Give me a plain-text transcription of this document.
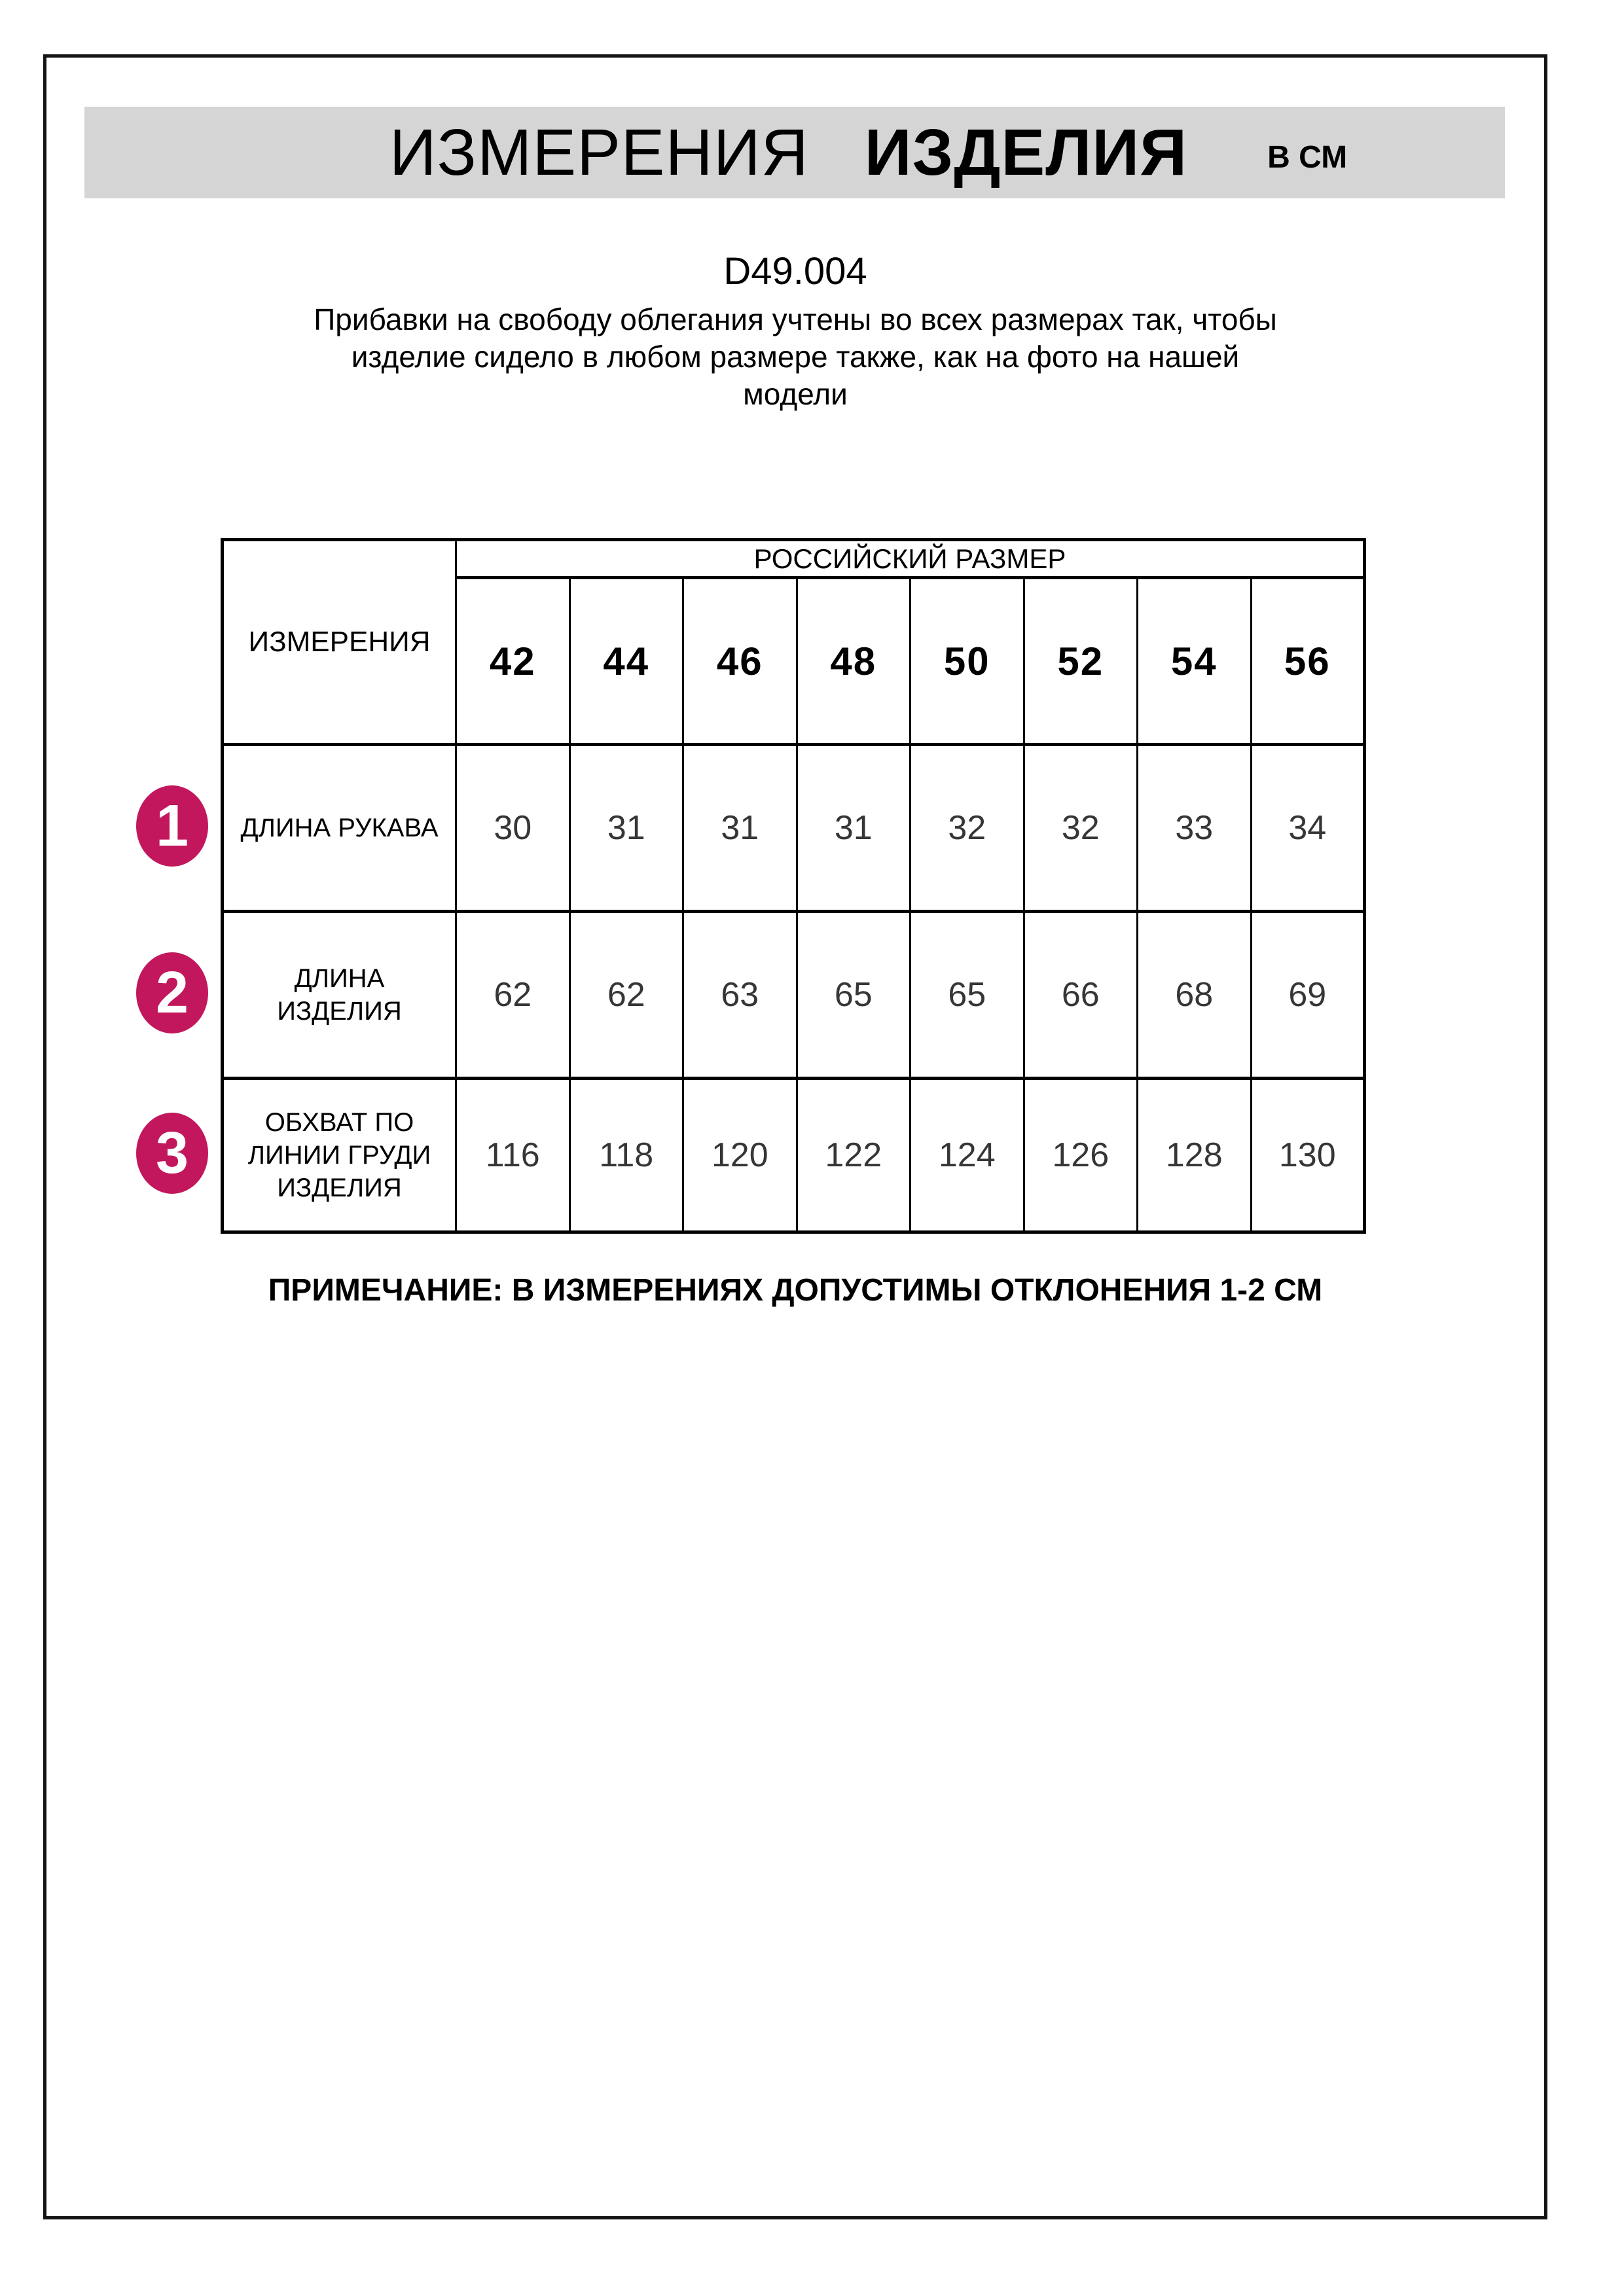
ИЗМЕРЕНИЯ ИЗДЕЛИЯ	В СМ
D49.004
Прибавки на свободу облегания учтены во всех размерах так, чтобы
изделие сидело в любом размере также, как на фото на нашей
модели
ИЗМЕРЕНИЯ	РОССИЙСКИЙ РАЗМЕР							
	42	44	46	48	50	52	54	56
ДЛИНА РУКАВА	30	31	31	31	32	32	33	34
ДЛИНА ИЗДЕЛИЯ	62	62	63	65	65	66	68	69
ОБХВАТ ПО ЛИНИИ ГРУДИ ИЗДЕЛИЯ	116	118	120	122	124	126	128	130
1
2
3
ПРИМЕЧАНИЕ: В ИЗМЕРЕНИЯХ ДОПУСТИМЫ ОТКЛОНЕНИЯ 1-2 СМ
